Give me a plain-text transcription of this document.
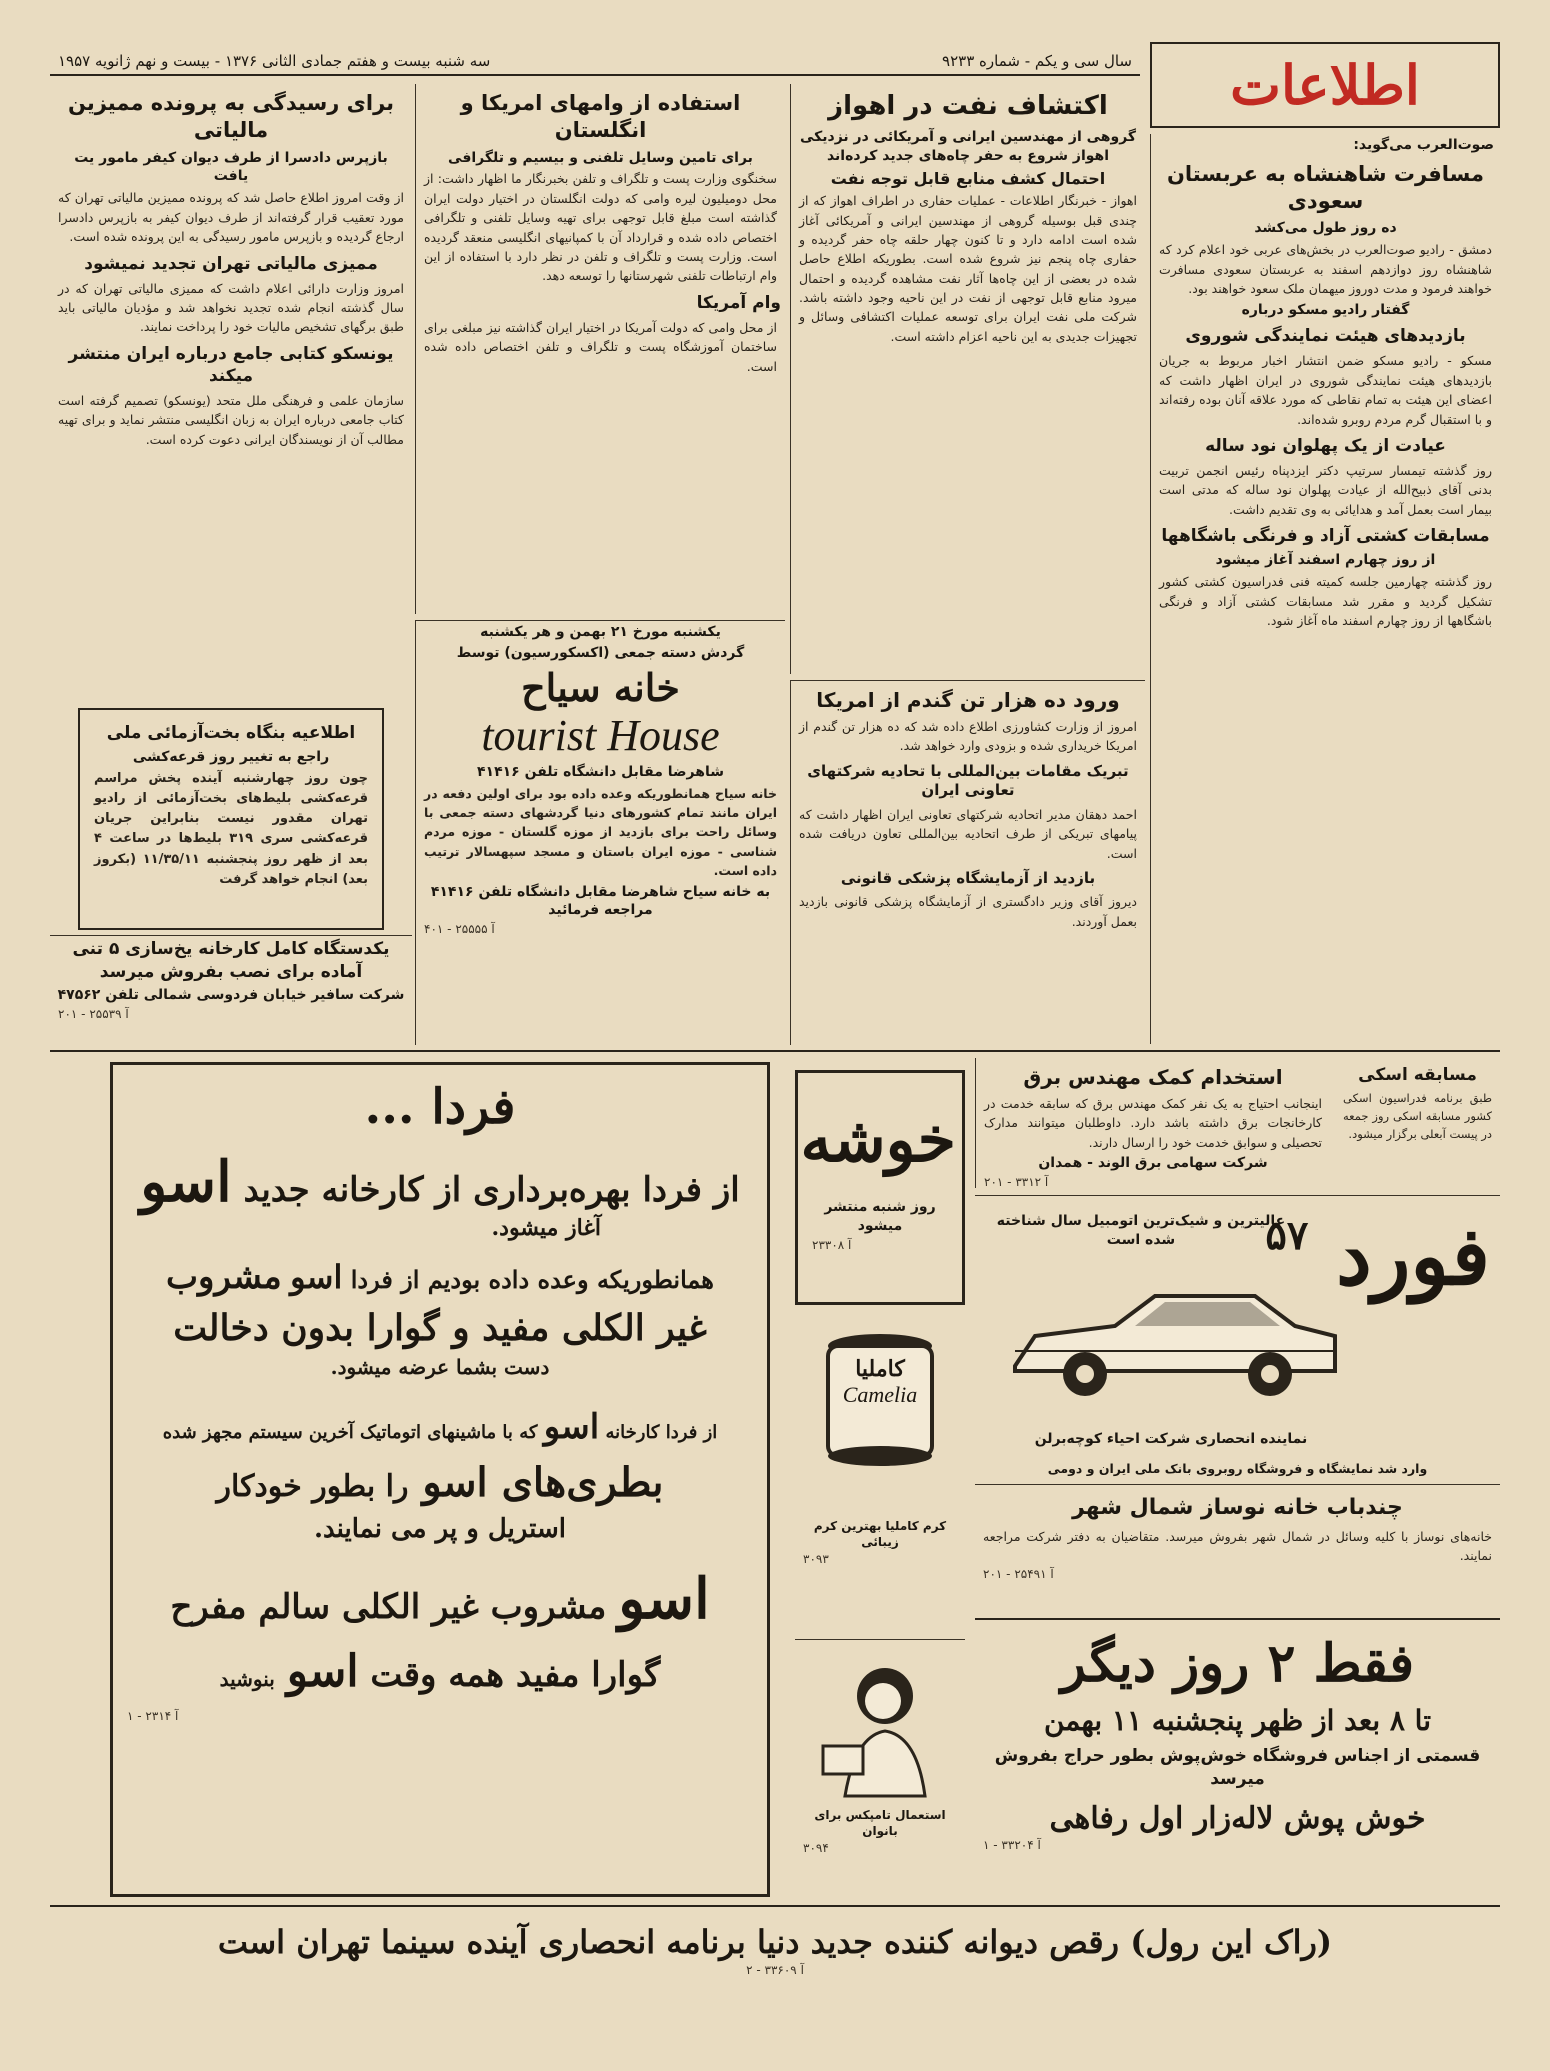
سال سی و یکم - شماره ۹۲۳۳
سه شنبه بیست و هفتم جمادی الثانی ۱۳۷۶ - بیست و نهم ژانویه ۱۹۵۷	اطلاعات
صوت‌العرب می‌گوید:
مسافرت شاهنشاه به عربستان سعودی
ده روز طول می‌کشد
دمشق - رادیو صوت‌العرب در بخش‌های عربی خود اعلام کرد که شاهنشاه روز دوازدهم اسفند به عربستان سعودی مسافرت خواهند فرمود و مدت دوروز میهمان ملک سعود خواهند بود.
گفتار رادیو مسکو درباره
بازدیدهای هیئت نمایندگی شوروی
مسکو - رادیو مسکو ضمن انتشار اخبار مربوط به جریان بازدیدهای هیئت نمایندگی شوروی در ایران اظهار داشت که اعضای این هیئت به تمام نقاطی که مورد علاقه آنان بوده رفته‌اند و با استقبال گرم مردم روبرو شده‌اند.
عیادت از یک پهلوان نود ساله
روز گذشته تیمسار سرتیپ دکتر ایزدپناه رئیس انجمن تربیت بدنی آقای ذبیح‌الله از عیادت پهلوان نود ساله که مدتی است بیمار است بعمل آمد و هدایائی به وی تقدیم داشت.
مسابقات کشتی آزاد و فرنگی باشگاهها
از روز چهارم اسفند آغاز میشود
روز گذشته چهارمین جلسه کمیته فنی فدراسیون کشتی کشور تشکیل گردید و مقرر شد مسابقات کشتی آزاد و فرنگی باشگاهها از روز چهارم اسفند ماه آغاز شود.
اکتشاف نفت در اهواز
گروهی از مهندسین ایرانی و آمریکائی در نزدیکی اهواز شروع به حفر چاه‌های جدید کرده‌اند
احتمال کشف منابع قابل توجه نفت
اهواز - خبرنگار اطلاعات - عملیات حفاری در اطراف اهواز که از چندی قبل بوسیله گروهی از مهندسین ایرانی و آمریکائی آغاز شده است ادامه دارد و تا کنون چهار حلقه چاه حفر گردیده و حفاری چاه پنجم نیز شروع شده است. بطوریکه اطلاع حاصل شده در بعضی از این چاه‌ها آثار نفت مشاهده گردیده و احتمال میرود منابع قابل توجهی از نفت در این ناحیه وجود داشته باشد. شرکت ملی نفت ایران برای توسعه عملیات اکتشافی وسائل و تجهیزات جدیدی به این ناحیه اعزام داشته است.
استفاده از وامهای امریکا و انگلستان
برای تامین وسایل تلفنی و بیسیم و تلگرافی
سخنگوی وزارت پست و تلگراف و تلفن بخبرنگار ما اظهار داشت: از محل دومیلیون لیره وامی که دولت انگلستان در اختیار دولت ایران گذاشته است مبلغ قابل توجهی برای تهیه وسایل تلفنی و تلگرافی اختصاص داده شده و قرارداد آن با کمپانیهای انگلیسی منعقد گردیده است. وزارت پست و تلگراف و تلفن در نظر دارد با استفاده از این وام ارتباطات تلفنی شهرستانها را توسعه دهد.
وام آمریکا
از محل وامی که دولت آمریکا در اختیار ایران گذاشته نیز مبلغی برای ساختمان آموزشگاه پست و تلگراف و تلفن اختصاص داده شده است.
برای رسیدگی به پرونده ممیزین مالیاتی
بازپرس دادسرا از طرف دیوان کیفر مامور یت یافت
از وقت امروز اطلاع حاصل شد که پرونده ممیزین مالیاتی تهران که مورد تعقیب قرار گرفته‌اند از طرف دیوان کیفر به بازپرس دادسرا ارجاع گردیده و بازپرس مامور رسیدگی به این پرونده شده است.
ممیزی مالیاتی تهران تجدید نمیشود
امروز وزارت دارائی اعلام داشت که ممیزی مالیاتی تهران که در سال گذشته انجام شده تجدید نخواهد شد و مؤدیان مالیاتی باید طبق برگهای تشخیص مالیات خود را پرداخت نمایند.
یونسکو کتابی جامع درباره ایران منتشر میکند
سازمان علمی و فرهنگی ملل متحد (یونسکو) تصمیم گرفته است کتاب جامعی درباره ایران به زبان انگلیسی منتشر نماید و برای تهیه مطالب آن از نویسندگان ایرانی دعوت کرده است.
اطلاعیه بنگاه بخت‌آزمائی ملی
راجع به تغییر روز قرعه‌کشی
چون روز چهارشنبه آینده پخش مراسم قرعه‌کشی بلیط‌های بخت‌آزمائی از رادیو تهران مقدور نیست بنابراین جریان قرعه‌کشی سری ۳۱۹ بلیط‌ها در ساعت ۴ بعد از ظهر روز پنجشنبه ۱۱/۳۵/۱۱ (بکروز بعد) انجام خواهد گرفت
یکدستگاه کامل کارخانه یخ‌سازی ۵ تنی آماده برای نصب بفروش میرسد
شرکت سافیر خیابان فردوسی شمالی تلفن ۴۷۵۶۲
آ ۲۵۵۳۹ - ۲۰۱
یکشنبه مورخ ۲۱ بهمن و هر یکشنبه
گردش دسته جمعی (اکسکورسیون) توسط
خانه سیاح
tourist House
شاهرضا مقابل دانشگاه تلفن ۴۱۴۱۶
خانه سیاح همانطوریکه وعده داده بود برای اولین دفعه در ایران مانند تمام کشورهای دنیا گردشهای دسته جمعی با وسائل راحت برای بازدید از موزه گلستان - موزه مردم شناسی - موزه ایران باستان و مسجد سپهسالار ترتیب داده است.
به خانه سیاح شاهرضا مقابل دانشگاه تلفن ۴۱۴۱۶ مراجعه فرمائید
آ ۲۵۵۵۵ - ۴۰۱
ورود ده هزار تن گندم از امریکا
امروز از وزارت کشاورزی اطلاع داده شد که ده هزار تن گندم از امریکا خریداری شده و بزودی وارد خواهد شد.
تبریک مقامات بین‌المللی با تحادیه شرکتهای تعاونی ایران
احمد دهقان مدیر اتحادیه شرکتهای تعاونی ایران اظهار داشت که پیامهای تبریکی از طرف اتحادیه بین‌المللی تعاون دریافت شده است.
بازدید از آزمایشگاه پزشکی قانونی
دیروز آقای وزیر دادگستری از آزمایشگاه پزشکی قانونی بازدید بعمل آوردند.
فردا ...
از فردا بهره‌برداری از کارخانه جدید اسو
آغاز میشود.
همانطوریکه وعده داده بودیم از فردا اسو مشروب
غیر الکلی مفید و گوارا بدون دخالت
دست بشما عرضه میشود.
از فردا کارخانه اسو که با ماشینهای اتوماتیک آخرین سیستم مجهز شده
بطری‌های اسو را بطور خودکار
استریل و پر می نمایند.
اسو مشروب غیر الکلی سالم مفرح
گوارا مفید همه وقت اسو بنوشید
آ ۲۳۱۴ - ۱
خوشه
روز شنبه منتشر میشود
آ ۲۳۳۰۸
کاملیا
Camelia
کرم کاملیا بهترین کرم زیبائی
۳۰۹۳
استعمال تامپکس برای بانوان
۳۰۹۴
استخدام کمک مهندس برق
اینجانب احتیاج به یک نفر کمک مهندس برق که سابقه خدمت در کارخانجات برق داشته باشد دارد. داوطلبان میتوانند مدارک تحصیلی و سوابق خدمت خود را ارسال دارند.
شرکت سهامی برق الوند - همدان
آ ۳۳۱۲ - ۲۰۱
مسابقه اسکی
طبق برنامه فدراسیون اسکی کشور مسابقه اسکی روز جمعه در پیست آبعلی برگزار میشود.
فورد $^{۵۷}$
عالیترین و شیک‌ترین اتومبیل سال شناخته شده است
نماینده انحصاری شرکت احیاء کوچه‌برلن
وارد شد نمایشگاه و فروشگاه روبروی بانک ملی ایران و دومی
چندباب خانه نوساز شمال شهر
خانه‌های نوساز با کلیه وسائل در شمال شهر بفروش میرسد. متقاضیان به دفتر شرکت مراجعه نمایند.
آ ۲۵۴۹۱ - ۲۰۱
فقط ۲ روز دیگر
تا ۸ بعد از ظهر پنجشنبه ۱۱ بهمن
قسمتی از اجناس فروشگاه خوش‌پوش بطور حراج بفروش میرسد
خوش پوش لاله‌زار اول رفاهی
آ ۳۳۲۰۴ - ۱
(راک این رول) رقص دیوانه کننده جدید دنیا برنامه انحصاری آینده سینما تهران است
آ ۳۳۶۰۹ - ۲
